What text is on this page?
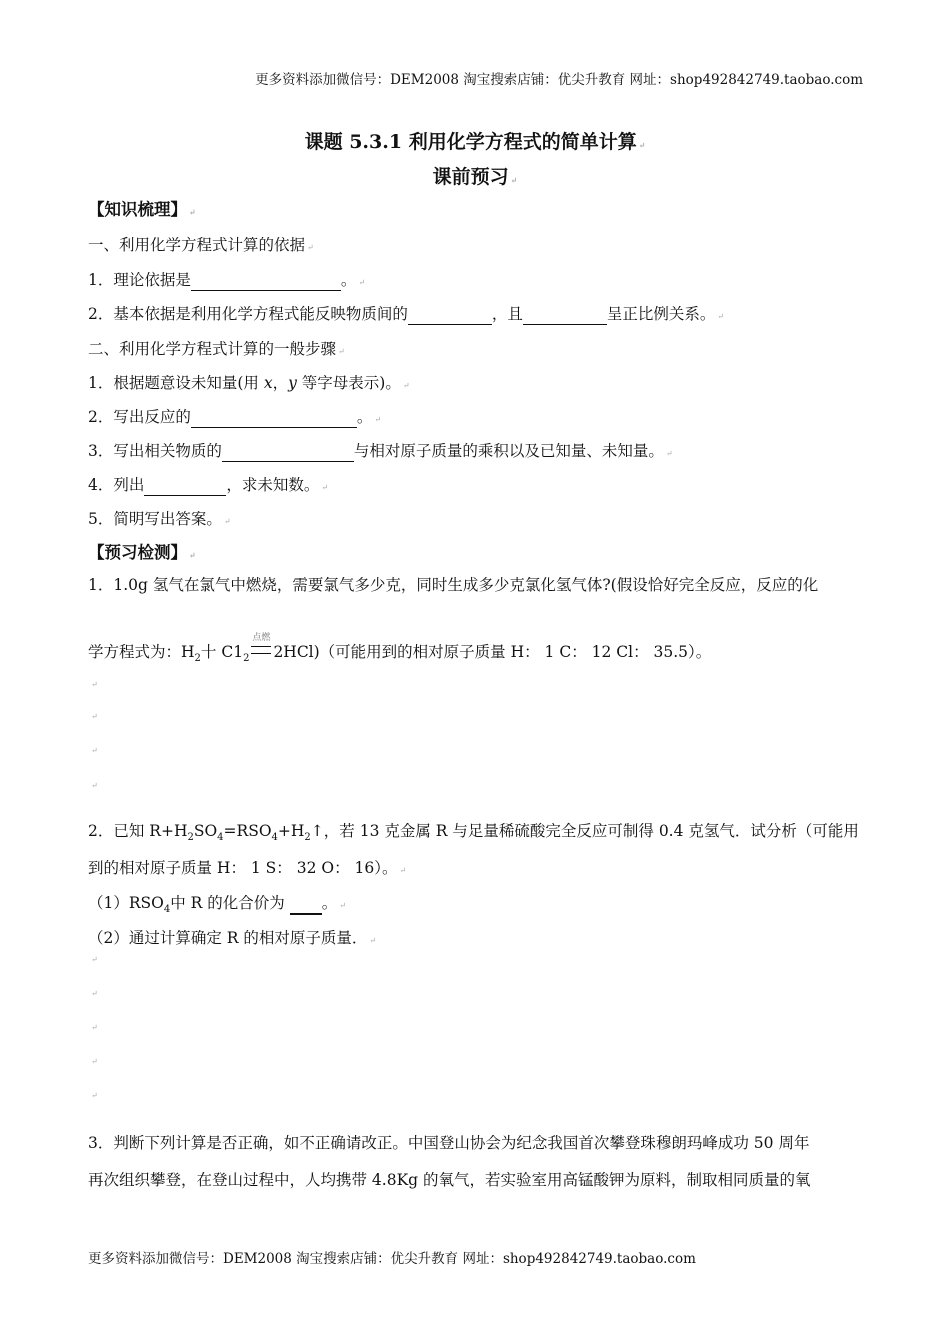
更多资料添加微信号：DEM2008 淘宝搜索店铺：优尖升教育 网址：shop492842749.taobao.com
课题 5.3.1 利用化学方程式的简单计算 ↵
课前预习 ↵
【知识梳理】 ↵
一、利用化学方程式计算的依据 ↵
1．理论依据是	。 ↵
2．基本依据是利用化学方程式能反映物质间的	，且	呈正比例关系。 ↵
二、利用化学方程式计算的一般步骤 ↵
1．根据题意设未知量(用 x，y 等字母表示)。 ↵
2．写出反应的	。 ↵
3．写出相关物质的	与相对原子质量的乘积以及已知量、未知量。 ↵
4．列出	，求未知数。 ↵
5．简明写出答案。 ↵
【预习检测】 ↵
1．1.0g 氢气在氯气中燃烧，需要氯气多少克，同时生成多少克氯化氢气体?(假设恰好完全反应，反应的化
学方程式为：$H_2$十 $C1_2$
点燃
2HCl)（可能用到的相对原子质量 H： 1 C： 12 Cl： 35.5）。
↵
↵
↵
↵
2．已知 $R+H_2SO_4=RSO_4+H_2↑$，若 13 克金属 R 与足量稀硫酸完全反应可制得 0.4 克氢气．试分析（可能用
到的相对原子质量 H： 1 S： 32 O： 16）。 ↵
$(1)RSO_4$中 R 的化合价为  。 ↵
（2）通过计算确定 R 的相对原子质量． ↵
↵
↵
↵
↵
↵
3．判断下列计算是否正确，如不正确请改正。中国登山协会为纪念我国首次攀登珠穆朗玛峰成功 50 周年
再次组织攀登，在登山过程中，人均携带 4.8Kg 的氧气，若实验室用高锰酸钾为原料，制取相同质量的氧
更多资料添加微信号：DEM2008 淘宝搜索店铺：优尖升教育 网址：shop492842749.taobao.com
